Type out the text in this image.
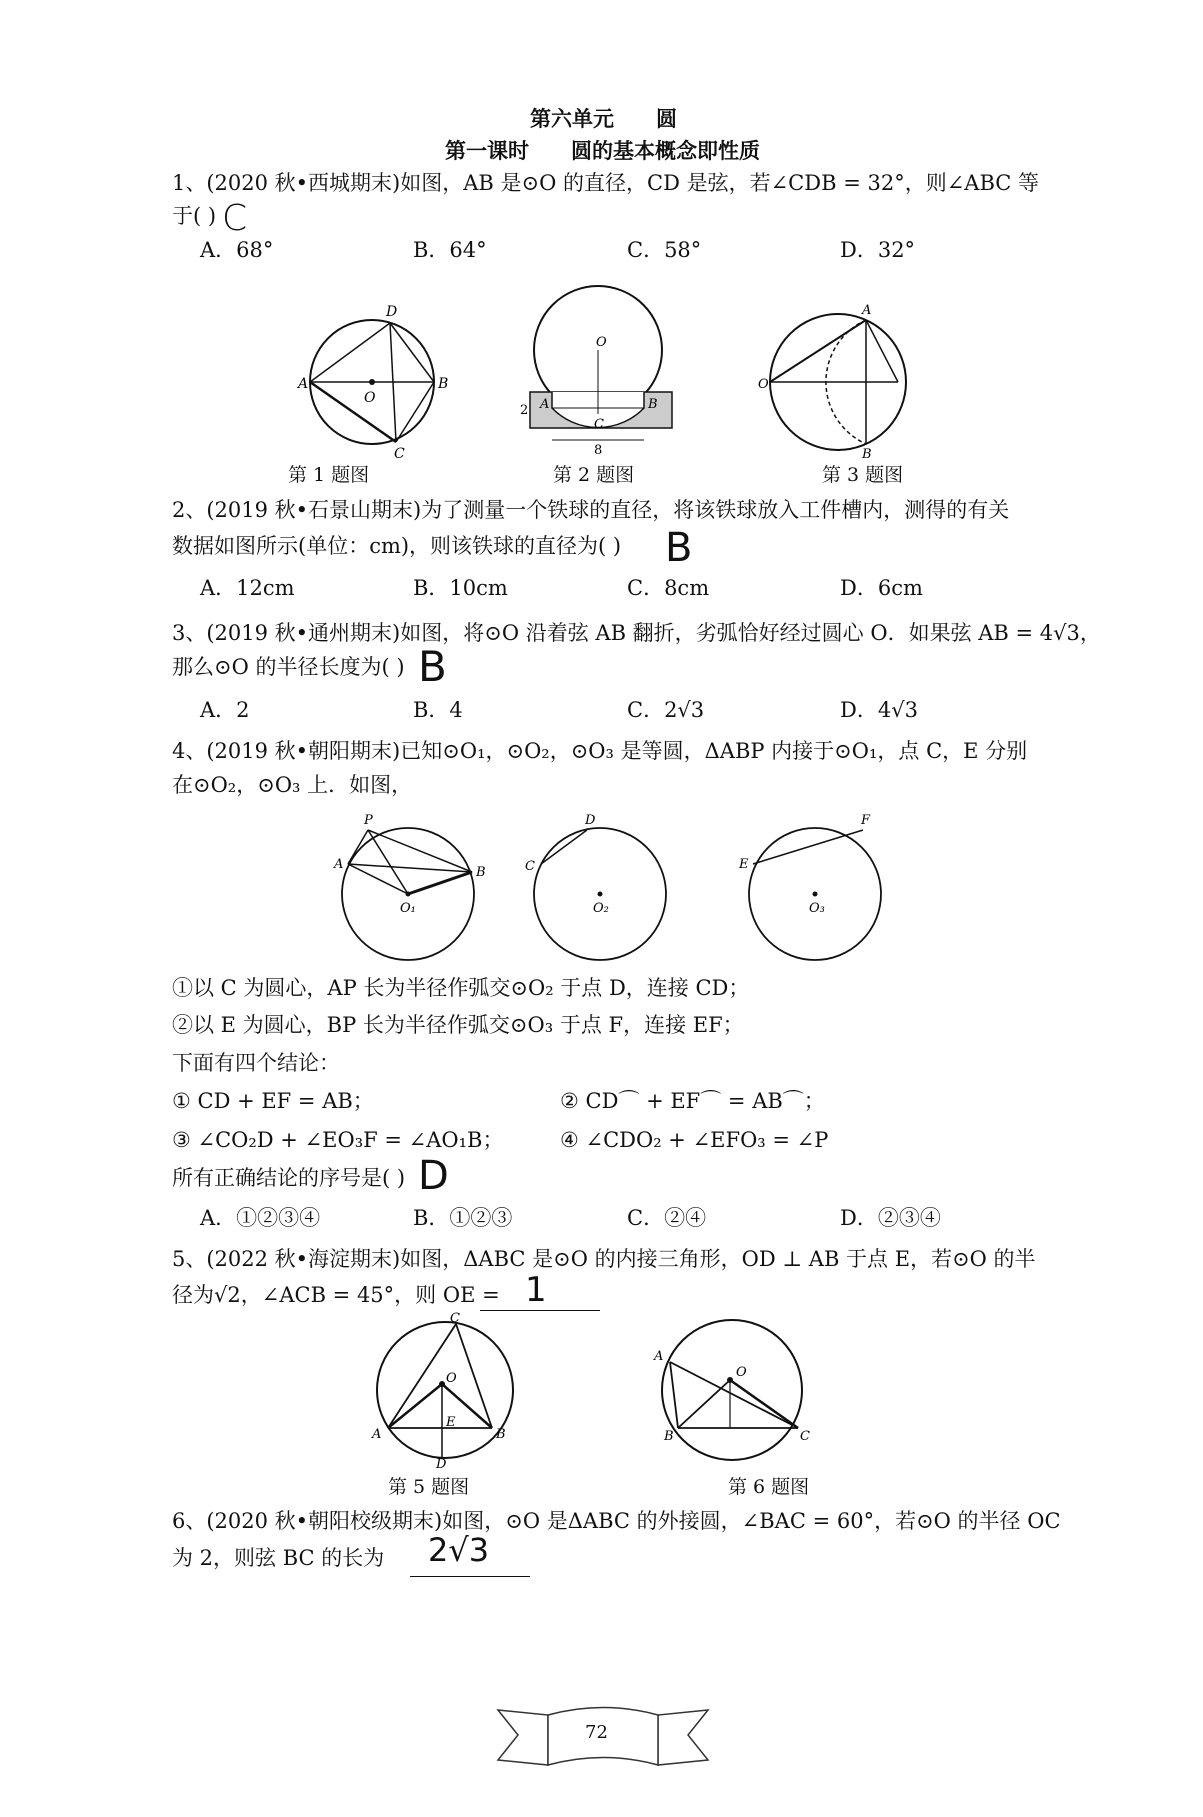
第六单元　　圆
第一课时　　圆的基本概念即性质
1、(2020 秋•西城期末)如图，AB 是⊙O 的直径，CD 是弦，若∠CDB = 32°，则∠ABC 等
于( ) C
A．68°	B．64°	C．58°	D．32°
A	B
D
C
O
第 1 题图
O
A	B
C
2
8
第 2 题图
A
B
O
第 3 题图
2、(2019 秋•石景山期末)为了测量一个铁球的直径，将该铁球放入工件槽内，测得的有关
数据如图所示(单位：cm)，则该铁球的直径为( ) B
A．12cm	B．10cm	C．8cm	D．6cm
3、(2019 秋•通州期末)如图，将⊙O 沿着弦 AB 翻折，劣弧恰好经过圆心 O．如果弦 AB = 4√3，
那么⊙O 的半径长度为( ) B
A．2	B．4	C．2√3	D．4√3
4、(2019 秋•朝阳期末)已知⊙O₁，⊙O₂，⊙O₃ 是等圆，ΔABP 内接于⊙O₁，点 C，E 分别
在⊙O₂，⊙O₃ 上．如图，
P
A
B
O₁
D
C
O₂
F
E
O₃
①以 C 为圆心，AP 长为半径作弧交⊙O₂ 于点 D，连接 CD；
②以 E 为圆心，BP 长为半径作弧交⊙O₃ 于点 F，连接 EF；
下面有四个结论：
① CD + EF = AB；	② CD⌒ + EF⌒ = AB⌒；
③ ∠CO₂D + ∠EO₃F = ∠AO₁B；	④ ∠CDO₂ + ∠EFO₃ = ∠P
所有正确结论的序号是( ) D
A．①②③④	B．①②③	C．②④	D．②③④
5、(2022 秋•海淀期末)如图，ΔABC 是⊙O 的内接三角形，OD ⊥ AB 于点 E，若⊙O 的半
径为√2，∠ACB = 45°，则 OE = 1
C
A	B
O
E
D
第 5 题图
A
B	C
O
第 6 题图
6、(2020 秋•朝阳校级期末)如图，⊙O 是ΔABC 的外接圆，∠BAC = 60°，若⊙O 的半径 OC
为 2，则弦 BC 的长为 2√3
72
